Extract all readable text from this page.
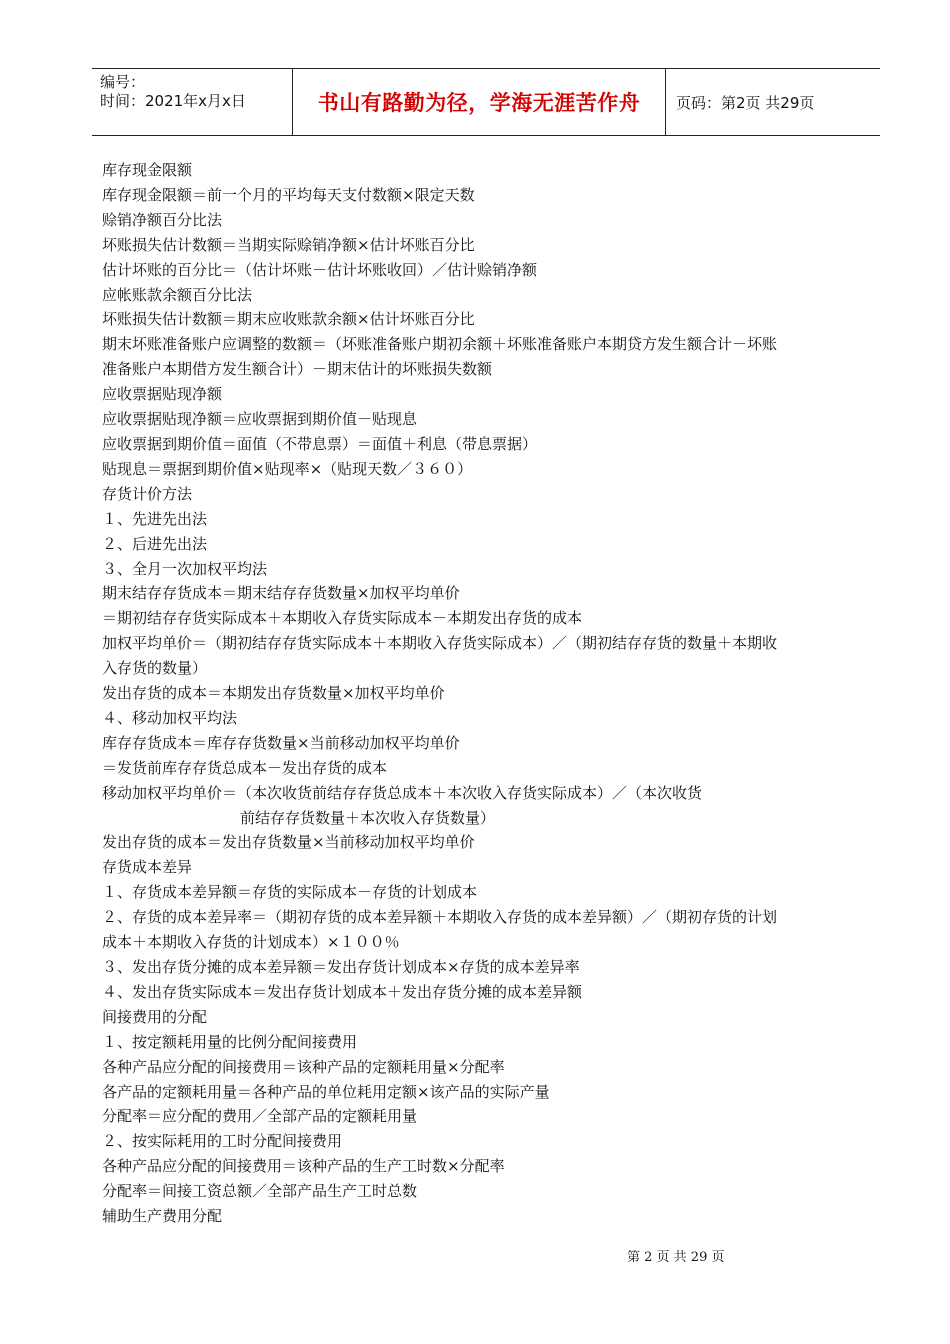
编号：
时间：2021年x月x日	书山有路勤为径，学海无涯苦作舟 页码：第2页 共29页

库存现金限额

库存现金限额＝前一个月的平均每天支付数额×限定天数

赊销净额百分比法

坏账损失估计数额＝当期实际赊销净额×估计坏账百分比

估计坏账的百分比＝（估计坏账－估计坏账收回）／估计赊销净额

应帐账款余额百分比法

坏账损失估计数额＝期末应收账款余额×估计坏账百分比

期末坏账准备账户应调整的数额＝（坏账准备账户期初余额＋坏账准备账户本期贷方发生额合计－坏账

准备账户本期借方发生额合计）－期末估计的坏账损失数额

应收票据贴现净额

应收票据贴现净额＝应收票据到期价值－贴现息

应收票据到期价值＝面值（不带息票）＝面值＋利息（带息票据）

贴现息＝票据到期价值×贴现率×（贴现天数／３６０）

存货计价方法

１、先进先出法

２、后进先出法

３、全月一次加权平均法

期末结存存货成本＝期末结存存货数量×加权平均单价

＝期初结存存货实际成本＋本期收入存货实际成本－本期发出存货的成本

加权平均单价＝（期初结存存货实际成本＋本期收入存货实际成本）／（期初结存存货的数量＋本期收

入存货的数量）

发出存货的成本＝本期发出存货数量×加权平均单价

４、移动加权平均法

库存存货成本＝库存存货数量×当前移动加权平均单价

＝发货前库存存货总成本－发出存货的成本

移动加权平均单价＝（本次收货前结存存货总成本＋本次收入存货实际成本）／（本次收货

前结存存货数量＋本次收入存货数量）

发出存货的成本＝发出存货数量×当前移动加权平均单价

存货成本差异

１、存货成本差异额＝存货的实际成本－存货的计划成本

２、存货的成本差异率＝（期初存货的成本差异额＋本期收入存货的成本差异额）／（期初存货的计划

成本＋本期收入存货的计划成本）×１００％

３、发出存货分摊的成本差异额＝发出存货计划成本×存货的成本差异率

４、发出存货实际成本＝发出存货计划成本＋发出存货分摊的成本差异额

间接费用的分配

１、按定额耗用量的比例分配间接费用

各种产品应分配的间接费用＝该种产品的定额耗用量×分配率

各产品的定额耗用量＝各种产品的单位耗用定额×该产品的实际产量

分配率＝应分配的费用／全部产品的定额耗用量

２、按实际耗用的工时分配间接费用

各种产品应分配的间接费用＝该种产品的生产工时数×分配率

分配率＝间接工资总额／全部产品生产工时总数

辅助生产费用分配

第 2 页 共 29 页
